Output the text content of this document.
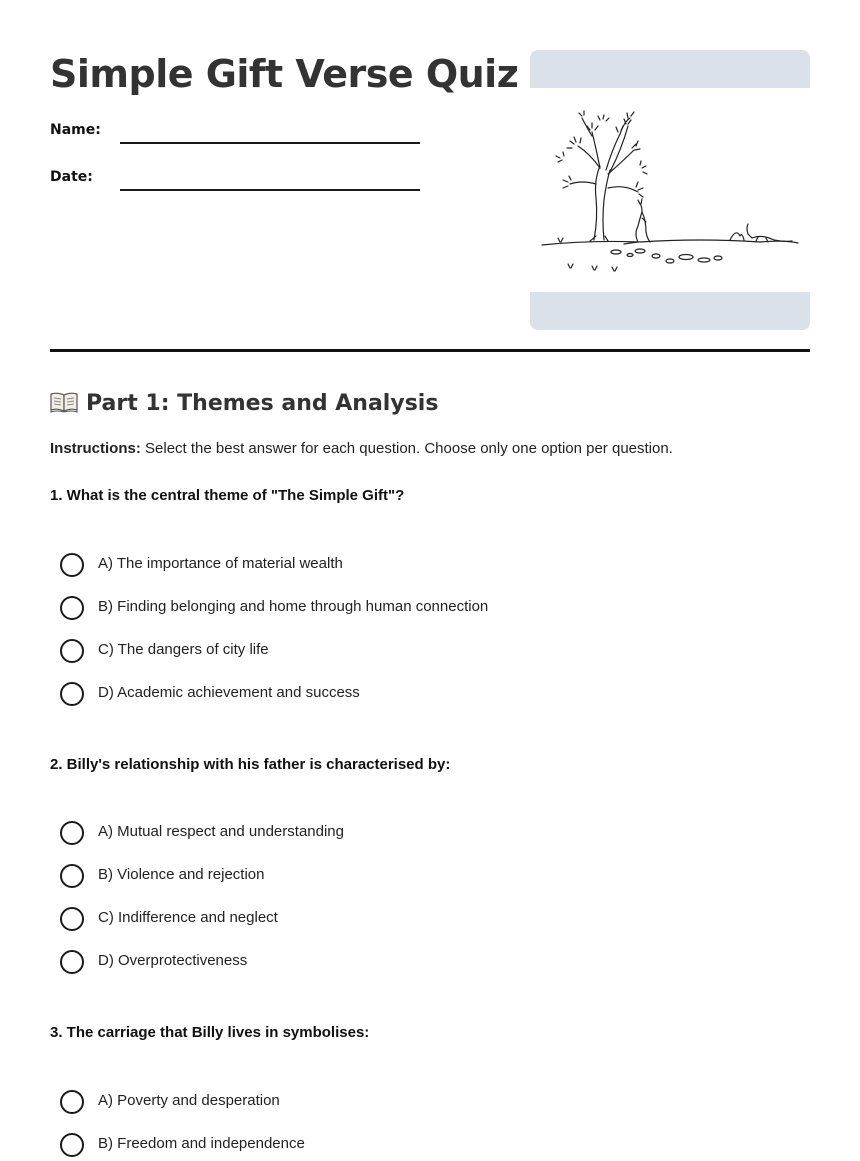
Simple Gift Verse Quiz
Name:
Date:
Part 1: Themes and Analysis
Instructions: Select the best answer for each question. Choose only one option per question.
1. What is the central theme of "The Simple Gift"?
A) The importance of material wealth
B) Finding belonging and home through human connection
C) The dangers of city life
D) Academic achievement and success
2. Billy's relationship with his father is characterised by:
A) Mutual respect and understanding
B) Violence and rejection
C) Indifference and neglect
D) Overprotectiveness
3. The carriage that Billy lives in symbolises:
A) Poverty and desperation
B) Freedom and independence
